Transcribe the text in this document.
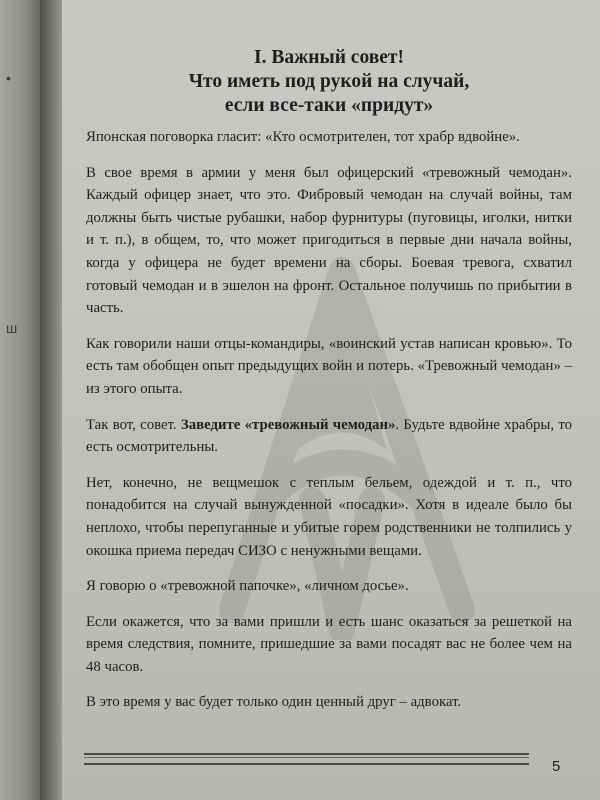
•
ш
I. Важный совет!
Что иметь под рукой на случай,
если все-таки «придут»

Японская поговорка гласит: «Кто осмотрителен, тот храбр вдвойне».

В свое время в армии у меня был офицерский «тревожный чемодан». Каждый офицер знает, что это. Фибровый чемодан на случай войны, там должны быть чистые рубашки, набор фурнитуры (пуговицы, иголки, нитки и т. п.), в общем, то, что может пригодиться в первые дни начала войны, когда у офицера не будет времени на сборы. Боевая тревога, схватил готовый чемодан и в эшелон на фронт. Остальное получишь по прибытии в часть.

Как говорили наши отцы-командиры, «воинский устав написан кровью». То есть там обобщен опыт предыдущих войн и потерь. «Тревожный чемодан» – из этого опыта.

Так вот, совет. Заведите «тревожный чемодан». Будьте вдвойне храбры, то есть осмотрительны.

Нет, конечно, не вещмешок с теплым бельем, одеждой и т. п., что понадобится на случай вынужденной «посадки». Хотя в идеале было бы неплохо, чтобы перепуганные и убитые горем родственники не толпились у окошка приема передач СИЗО с ненужными вещами.

Я говорю о «тревожной папочке», «личном досье».

Если окажется, что за вами пришли и есть шанс оказаться за решеткой на время следствия, помните, пришедшие за вами посадят вас не более чем на 48 часов.

В это время у вас будет только один ценный друг – адвокат.

5
